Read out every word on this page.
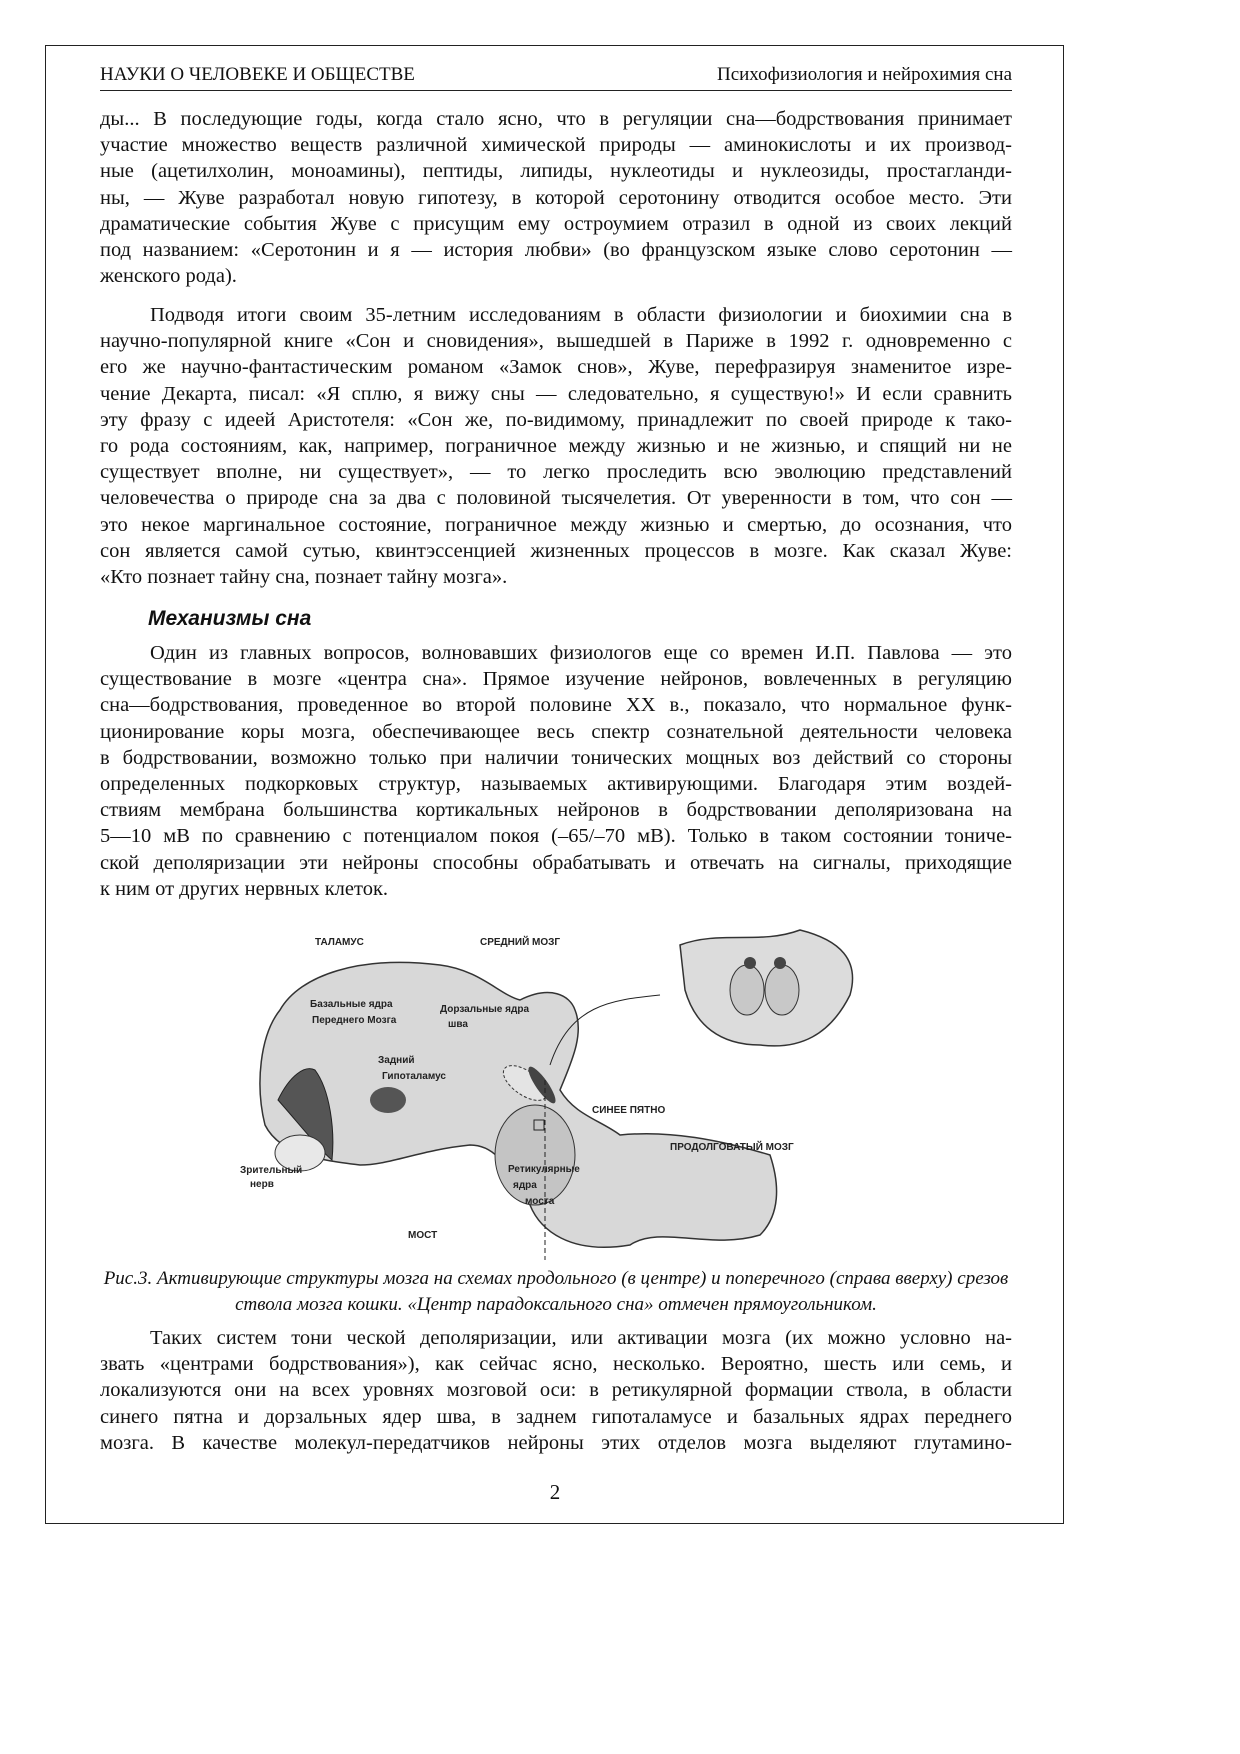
НАУКИ О ЧЕЛОВЕКЕ И ОБЩЕСТВЕ	Психофизиология и нейрохимия сна
ды... В последующие годы, когда стало ясно, что в регуляции сна—бодрствования принимает
участие множество веществ различной химической природы — аминокислоты и их производ-
ные (ацетилхолин, моноамины), пептиды, липиды, нуклеотиды и нуклеозиды, простагланди-
ны, — Жуве разработал новую гипотезу, в которой серотонину отводится особое место. Эти
драматические события Жуве с присущим ему остроумием отразил в одной из своих лекций
под названием: «Серотонин и я — история любви» (во французском языке слово серотонин —
женского рода).
Подводя итоги своим 35-летним исследованиям в области физиологии и биохимии сна в
научно-популярной книге «Сон и сновидения», вышедшей в Париже в 1992 г. одновременно с
его же научно-фантастическим романом «Замок снов», Жуве, перефразируя знаменитое изре-
чение Декарта, писал: «Я сплю, я вижу сны — следовательно, я существую!» И если сравнить
эту фразу с идеей Аристотеля: «Сон же, по-видимому, принадлежит по своей природе к тако-
го рода состояниям, как, например, пограничное между жизнью и не жизнью, и спящий ни не
существует вполне, ни существует», — то легко проследить всю эволюцию представлений
человечества о природе сна за два с половиной тысячелетия. От уверенности в том, что сон —
это некое маргинальное состояние, пограничное между жизнью и смертью, до осознания, что
сон является самой сутью, квинтэссенцией жизненных процессов в мозге. Как сказал Жуве:
«Кто познает тайну сна, познает тайну мозга».
Механизмы сна
Один из главных вопросов, волновавших физиологов еще со времен И.П. Павлова — это
существование в мозге «центра сна». Прямое изучение нейронов, вовлеченных в регуляцию
сна—бодрствования, проведенное во второй половине XX в., показало, что нормальное функ-
ционирование коры мозга, обеспечивающее весь спектр сознательной деятельности человека
в бодрствовании, возможно только при наличии тонических мощных воз действий со стороны
определенных подкорковых структур, называемых активирующими. Благодаря этим воздей-
ствиям мембрана большинства кортикальных нейронов в бодрствовании деполяризована на
5—10 мВ по сравнению с потенциалом покоя (–65/–70 мВ). Только в таком состоянии тониче-
ской деполяризации эти нейроны способны обрабатывать и отвечать на сигналы, приходящие
к ним от других нервных клеток.
ТАЛАМУС	СРЕДНИЙ МОЗГ
Базальные ядра
Переднего Мозга
Дорзальные ядра
шва
Задний
Гипоталамус
СИНЕЕ ПЯТНО
ПРОДОЛГОВАТЫЙ МОЗГ
Зрительный
нерв
Ретикулярные
ядра
моста
МОСТ
Рис.3. Активирующие структуры мозга на схемах продольного (в центре) и поперечного (справа вверху) срезов ствола мозга кошки. «Центр парадоксального сна» отмечен прямоугольником.
Таких систем тони ческой деполяризации, или активации мозга (их можно условно на-
звать «центрами бодрствования»), как сейчас ясно, несколько. Вероятно, шесть или семь, и
локализуются они на всех уровнях мозговой оси: в ретикулярной формации ствола, в области
синего пятна и дорзальных ядер шва, в заднем гипоталамусе и базальных ядрах переднего
мозга. В качестве молекул-передатчиков нейроны этих отделов мозга выделяют глутамино-
2
